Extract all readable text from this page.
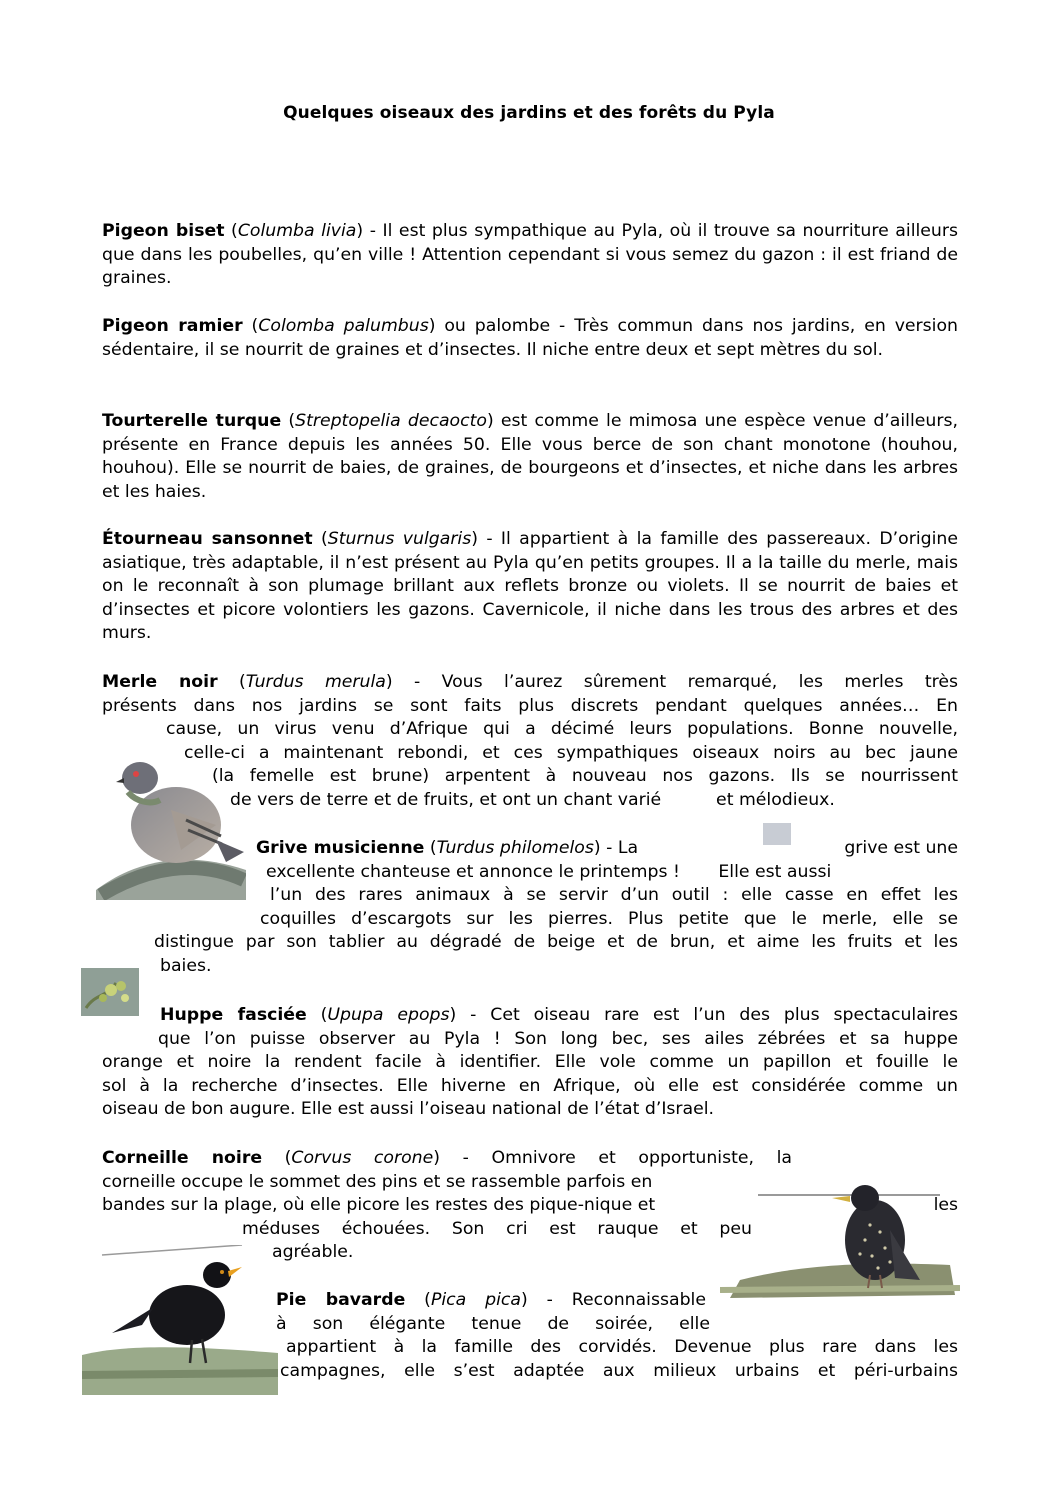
Quelques oiseaux des jardins et des forêts du Pyla
Pigeon biset (Columba livia) - Il est plus sympathique au Pyla, où il trouve sa nourriture ailleurs que dans les poubelles, qu’en ville ! Attention cependant si vous semez du gazon : il est friand de graines.
Pigeon ramier (Colomba palumbus) ou palombe - Très commun dans nos jardins, en version sédentaire, il se nourrit de graines et d’insectes. Il niche entre deux et sept mètres du sol.
Tourterelle turque (Streptopelia decaocto) est comme le mimosa une espèce venue d’ailleurs, présente en France depuis les années 50. Elle vous berce de son chant monotone (houhou, houhou). Elle se nourrit de baies, de graines, de bourgeons et d’insectes, et niche dans les arbres et les haies.
Étourneau sansonnet (Sturnus vulgaris) - Il appartient à la famille des passereaux. D’origine asiatique, très adaptable, il n’est présent au Pyla qu’en petits groupes. Il a la taille du merle, mais on le reconnaît à son plumage brillant aux reflets bronze ou violets. Il se nourrit de baies et d’insectes et picore volontiers les gazons. Cavernicole, il niche dans les trous des arbres et des murs.
Merle noir (Turdus merula) - Vous l’aurez sûrement remarqué, les merles très
présents dans nos jardins se sont faits plus discrets pendant quelques années… En
cause, un virus venu d’Afrique qui a décimé leurs populations. Bonne nouvelle,
celle-ci a maintenant rebondi, et ces sympathiques oiseaux noirs au bec jaune
(la femelle est brune) arpentent à nouveau nos gazons. Ils se nourrissent
de vers de terre et de fruits, et ont un chant varié          et mélodieux.
Grive musicienne (Turdus philomelos) - La	grive est une
excellente chanteuse et annonce le printemps !       Elle est aussi
l’un des rares animaux à se servir d’un outil : elle casse en effet les
coquilles d’escargots sur les pierres. Plus petite que le merle, elle se
distingue par son tablier au dégradé de beige et de brun, et aime les fruits et les
baies.
Huppe fasciée (Upupa epops) - Cet oiseau rare est l’un des plus spectaculaires
que l’on puisse observer au Pyla ! Son long bec, ses ailes zébrées et sa huppe
orange et noire la rendent facile à identifier. Elle vole comme un papillon et fouille le
sol à la recherche d’insectes. Elle hiverne en Afrique, où elle est considérée comme un
oiseau de bon augure. Elle est aussi l’oiseau national de l’état d’Israel.
Corneille noire (Corvus corone) - Omnivore et opportuniste, la
corneille occupe le sommet des pins et se rassemble parfois en
bandes sur la plage, où elle picore les restes des pique-nique et	les
méduses échouées. Son cri est rauque et peu
agréable.
Pie bavarde (Pica pica) - Reconnaissable
à son élégante tenue de soirée, elle
appartient à la famille des corvidés. Devenue plus rare dans les
campagnes, elle s’est adaptée aux milieux urbains et péri-urbains
